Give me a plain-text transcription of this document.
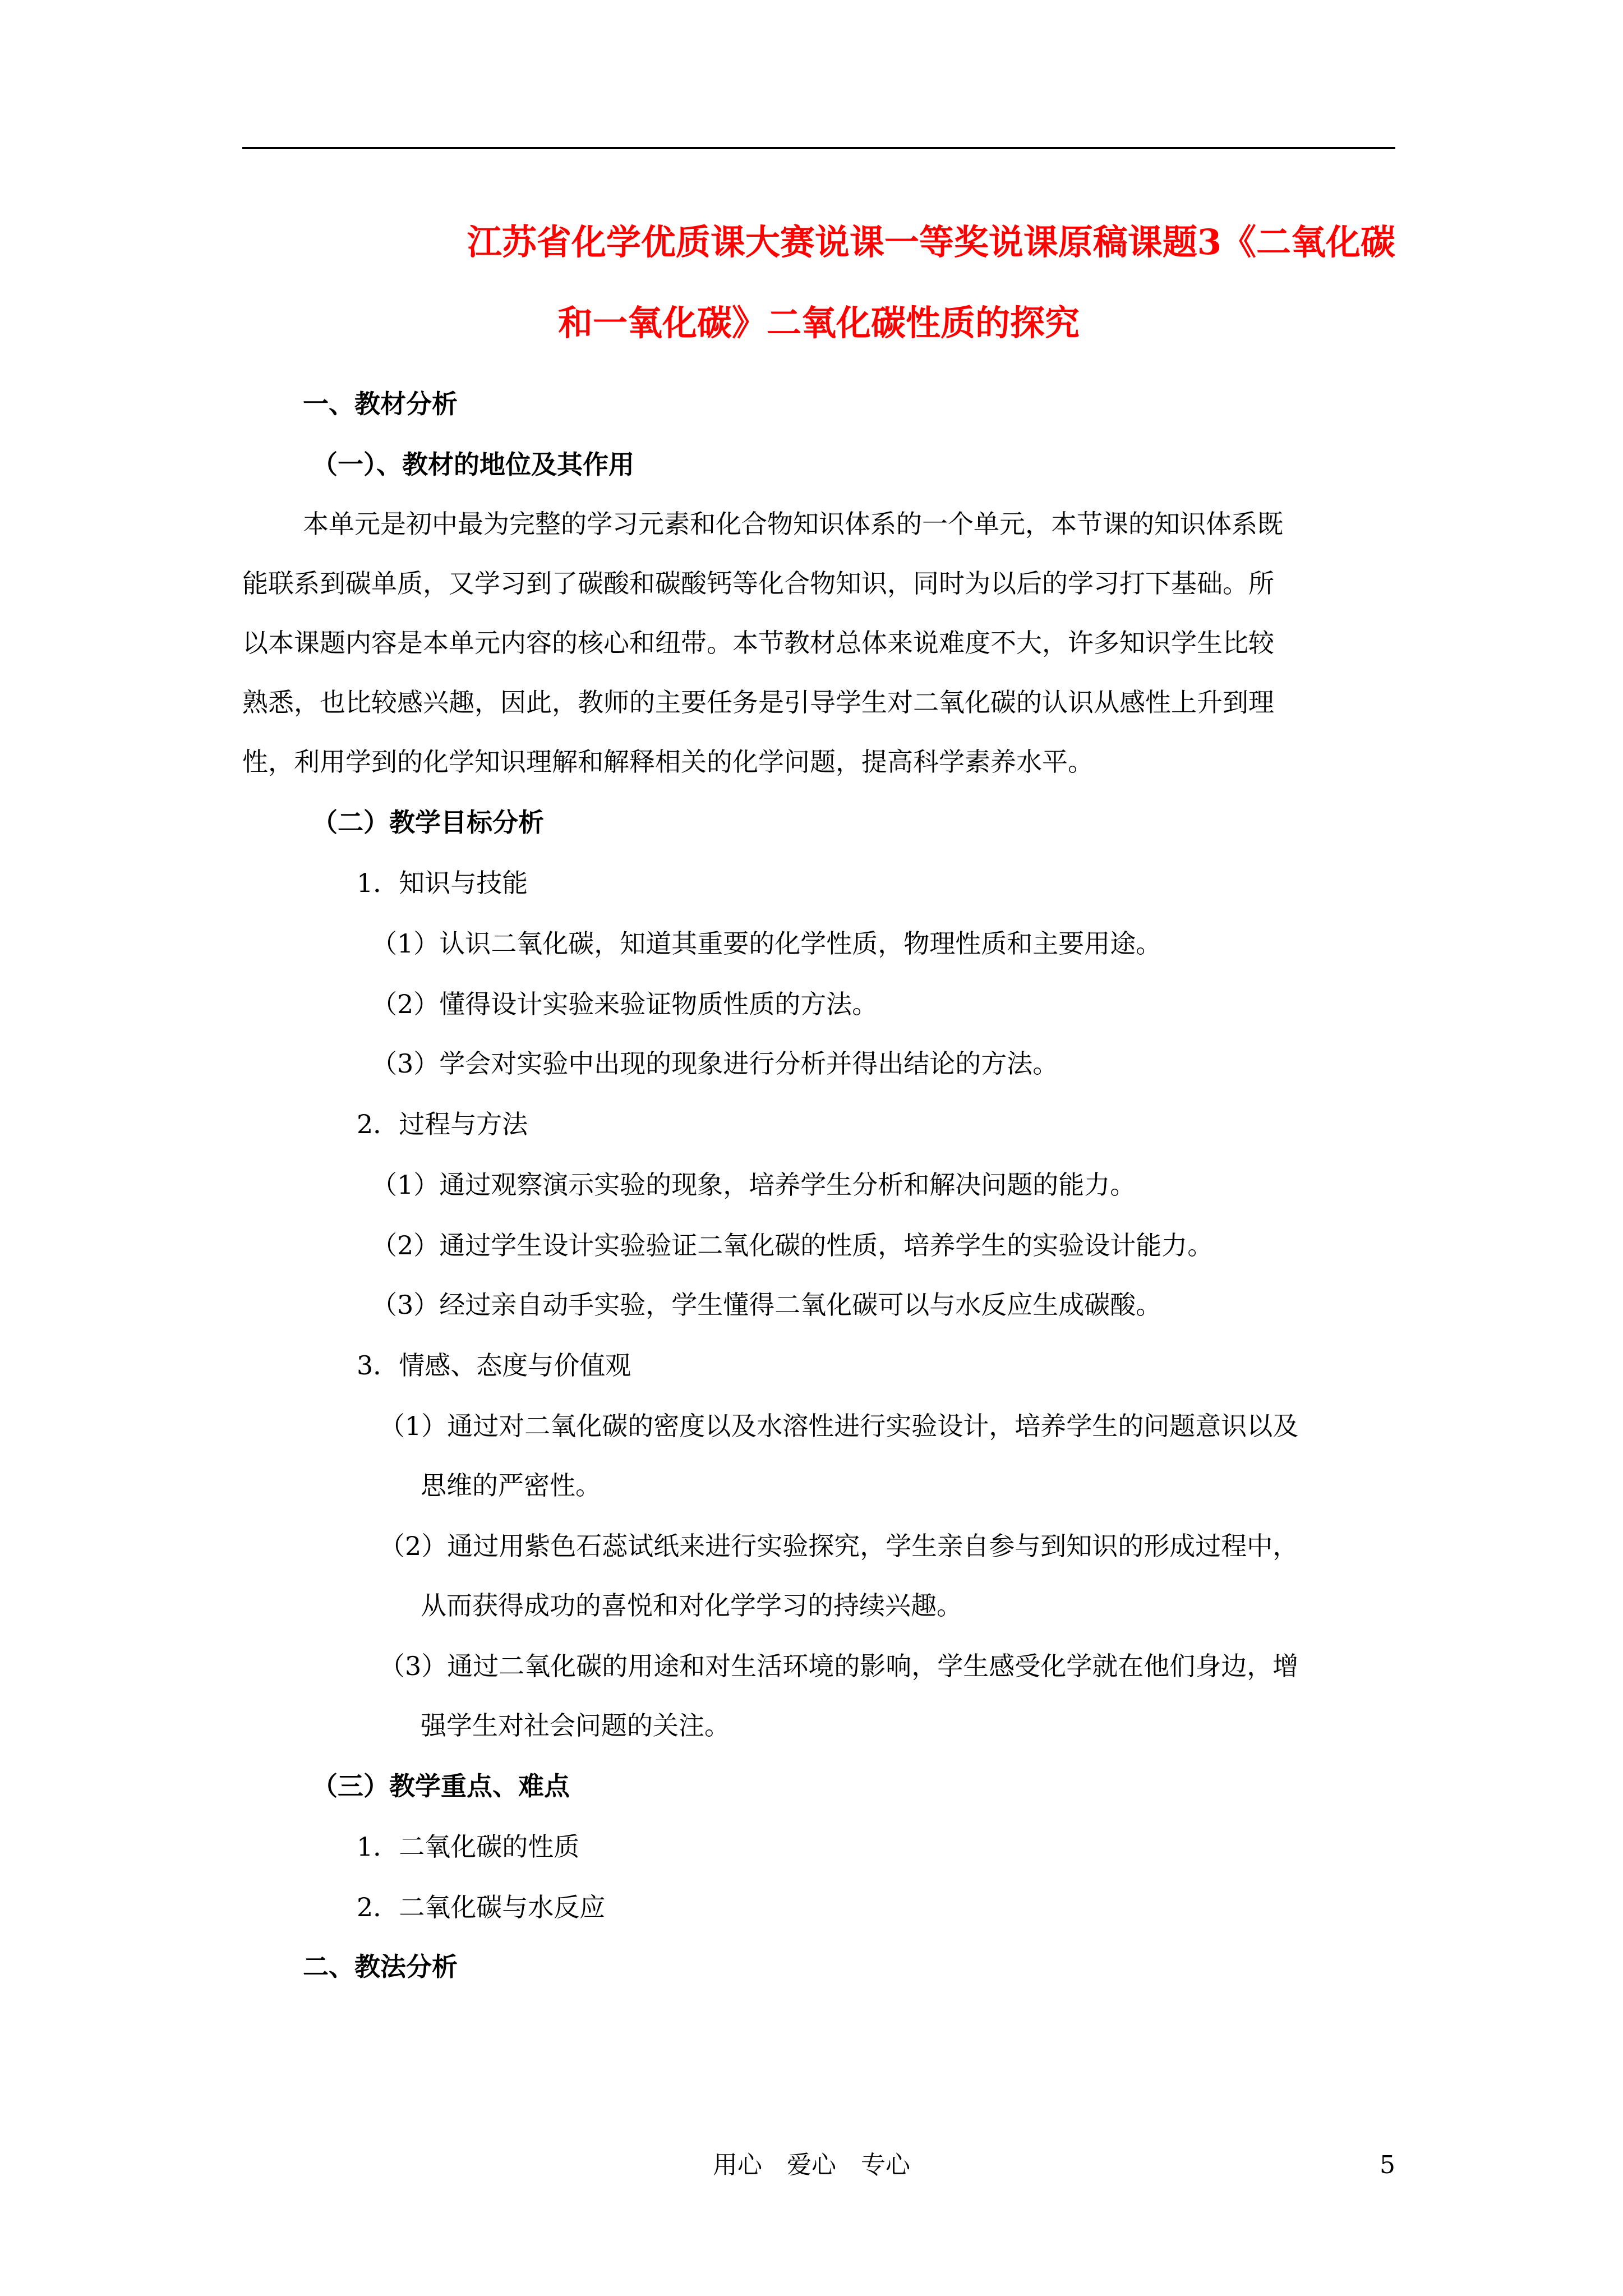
江苏省化学优质课大赛说课一等奖说课原稿课题3《二氧化碳
和一氧化碳》二氧化碳性质的探究
一、教材分析
（一）、教材的地位及其作用
本单元是初中最为完整的学习元素和化合物知识体系的一个单元，本节课的知识体系既
能联系到碳单质，又学习到了碳酸和碳酸钙等化合物知识，同时为以后的学习打下基础。所
以本课题内容是本单元内容的核心和纽带。本节教材总体来说难度不大，许多知识学生比较
熟悉，也比较感兴趣，因此，教师的主要任务是引导学生对二氧化碳的认识从感性上升到理
性，利用学到的化学知识理解和解释相关的化学问题，提高科学素养水平。
（二）教学目标分析
1．知识与技能
（1）认识二氧化碳，知道其重要的化学性质，物理性质和主要用途。
（2）懂得设计实验来验证物质性质的方法。
（3）学会对实验中出现的现象进行分析并得出结论的方法。
2．过程与方法
（1）通过观察演示实验的现象，培养学生分析和解决问题的能力。
（2）通过学生设计实验验证二氧化碳的性质，培养学生的实验设计能力。
（3）经过亲自动手实验，学生懂得二氧化碳可以与水反应生成碳酸。
3．情感、态度与价值观
（1）通过对二氧化碳的密度以及水溶性进行实验设计，培养学生的问题意识以及
思维的严密性。
（2）通过用紫色石蕊试纸来进行实验探究，学生亲自参与到知识的形成过程中，
从而获得成功的喜悦和对化学学习的持续兴趣。
（3）通过二氧化碳的用途和对生活环境的影响，学生感受化学就在他们身边，增
强学生对社会问题的关注。
（三）教学重点、难点
1．二氧化碳的性质
2．二氧化碳与水反应
二、教法分析
用心 爱心 专心	5
